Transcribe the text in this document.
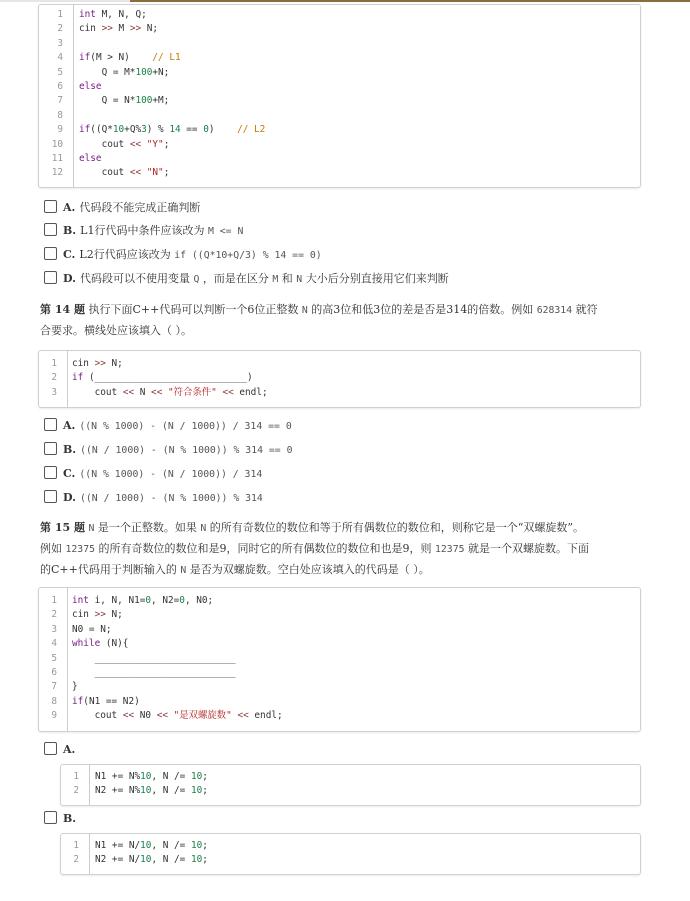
1 int M, N, Q;
2 cin >> M >> N;
3
4 if(M > N)    // L1
5 Q = M*100+N;
6 else
7 Q = N*100+M;
8
9 if((Q*10+Q%3) % 14 == 0)    // L2
10 cout << "Y";
11 else
12 cout << "N";
A. 代码段不能完成正确判断
B. L1行代码中条件应该改为 M <= N
C. L2行代码应该改为 if ((Q*10+Q/3) % 14 == 0)
D. 代码段可以不使用变量 Q ，而是在区分 M 和 N 大小后分别直接用它们来判断
第 14 题 执行下面C++代码可以判断一个6位正整数 N 的高3位和低3位的差是否是314的倍数。例如 628314 就符
合要求。横线处应该填入（ ）。
1 cin >> N;
2 if (___________________________)
3 cout << N << "符合条件" << endl;
A. ((N % 1000) - (N / 1000)) / 314 == 0
B. ((N / 1000) - (N % 1000)) % 314 == 0
C. ((N % 1000) - (N / 1000)) / 314
D. ((N / 1000) - (N % 1000)) % 314
第 15 题 N 是一个正整数。如果 N 的所有奇数位的数位和等于所有偶数位的数位和，则称它是一个“双螺旋数”。
例如 12375 的所有奇数位的数位和是9，同时它的所有偶数位的数位和也是9，则 12375 就是一个双螺旋数。下面
的C++代码用于判断输入的 N 是否为双螺旋数。空白处应该填入的代码是（ ）。
1 int i, N, N1=0, N2=0, N0;
2 cin >> N;
3 N0 = N;
4 while (N){
5 _________________________
6 _________________________
7 }
8 if(N1 == N2)
9 cout << N0 << "是双螺旋数" << endl;
A.
1 N1 += N%10, N /= 10;
2 N2 += N%10, N /= 10;
B.
1 N1 += N/10, N /= 10;
2 N2 += N/10, N /= 10;
